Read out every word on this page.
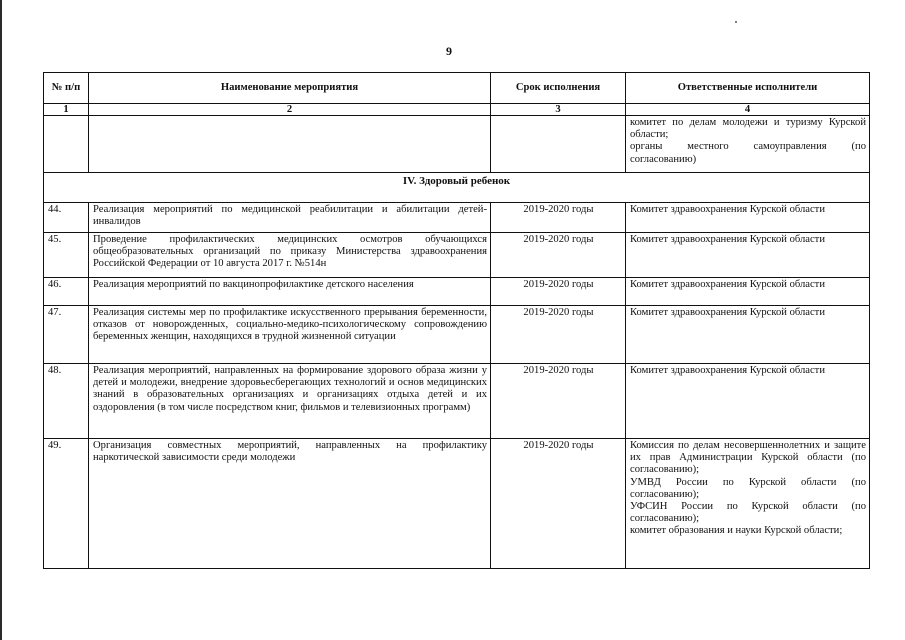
9
№ п/п	Наименование мероприятия	Срок исполнения	Ответственные исполнители
1	2	3	4

			комитет по делам молодежи и туризму Курской области;
органы местного самоуправления (по согласованию)

IV. Здоровый ребенок			
44.	Реализация мероприятий по медицинской реабилитации и абилитации детей-инвалидов	2019-2020 годы	Комитет здравоохранения Курской области

45.	Проведение профилактических медицинских осмотров обучающихся общеобразовательных организаций по приказу Министерства здравоохранения Российской Федерации от 10 августа 2017 г. №514н	2019-2020 годы	Комитет здравоохранения Курской области

46.	Реализация мероприятий по вакцинопрофилактике детского населения	2019-2020 годы	Комитет здравоохранения Курской области

47.	Реализация системы мер по профилактике искусственного прерывания беременности, отказов от новорожденных, социально-медико-психологическому сопровождению беременных женщин, находящихся в трудной жизненной ситуации	2019-2020 годы	Комитет здравоохранения Курской области

48.	Реализация мероприятий, направленных на формирование здорового образа жизни у детей и молодежи, внедрение здоровьесберегающих технологий и основ медицинских знаний в образовательных организациях и организациях отдыха детей и их оздоровления (в том числе посредством книг, фильмов и телевизионных программ)	2019-2020 годы	Комитет здравоохранения Курской области

49.	Организация совместных мероприятий, направленных на профилактику наркотической зависимости среди молодежи	2019-2020 годы	Комиссия по делам несовершеннолетних и защите их прав Администрации Курской области (по согласованию);
УМВД России по Курской области (по согласованию);
УФСИН России по Курской области (по согласованию);
комитет образования и науки Курской области;
